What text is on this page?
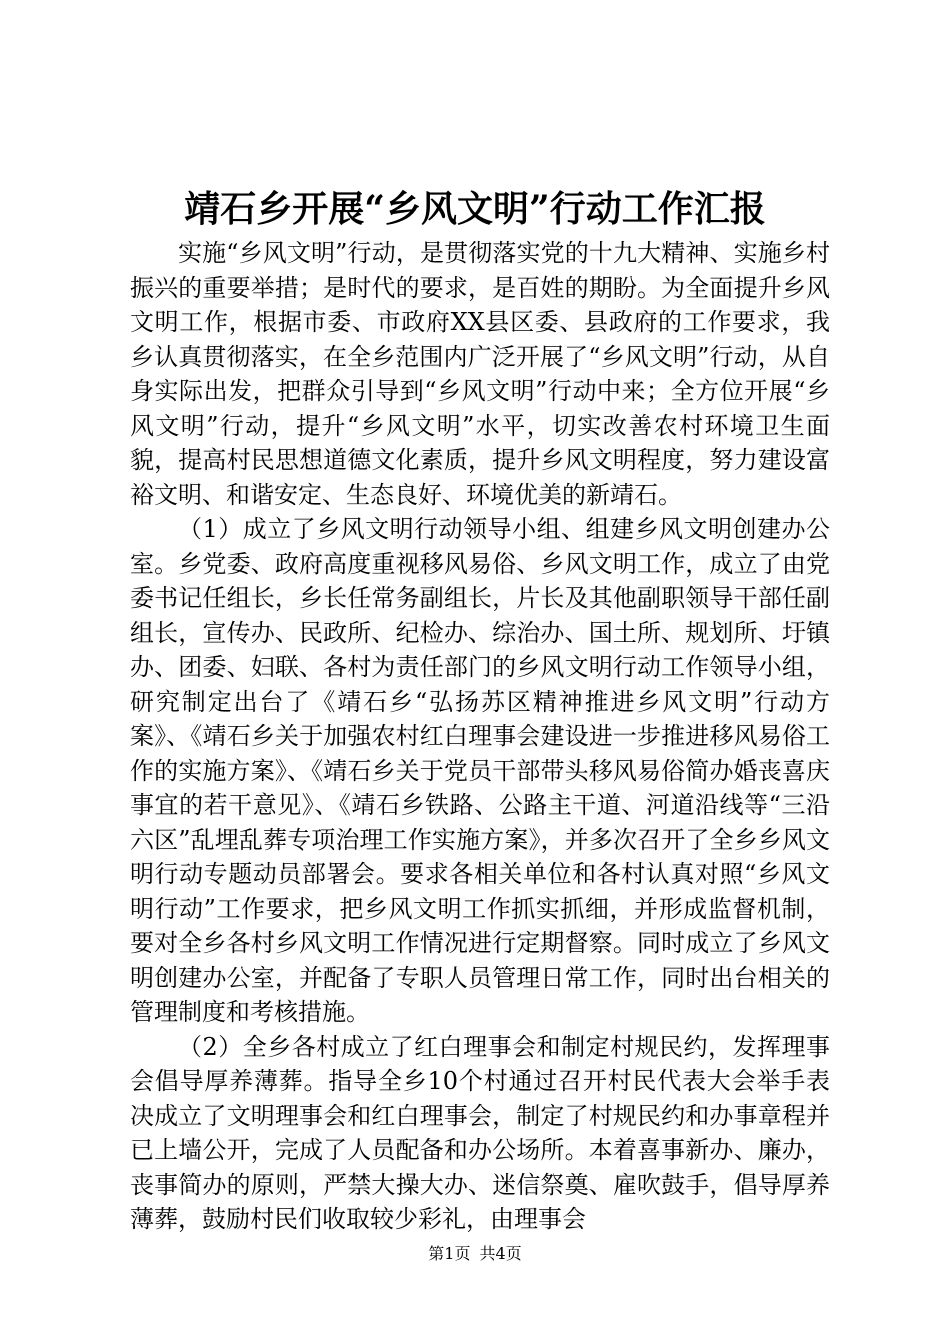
靖石乡开展“乡风文明”行动工作汇报

实施“乡风文明”行动，是贯彻落实党的十九大精神、实施乡村振兴的重要举措；是时代的要求，是百姓的期盼。为全面提升乡风文明工作，根据市委、市政府XX县区委、县政府的工作要求，我乡认真贯彻落实，在全乡范围内广泛开展了“乡风文明”行动，从自身实际出发，把群众引导到“乡风文明”行动中来；全方位开展“乡风文明”行动，提升“乡风文明”水平，切实改善农村环境卫生面貌，提高村民思想道德文化素质，提升乡风文明程度，努力建设富裕文明、和谐安定、生态良好、环境优美的新靖石。

（1）成立了乡风文明行动领导小组、组建乡风文明创建办公室。乡党委、政府高度重视移风易俗、乡风文明工作，成立了由党委书记任组长，乡长任常务副组长，片长及其他副职领导干部任副组长，宣传办、民政所、纪检办、综治办、国土所、规划所、圩镇办、团委、妇联、各村为责任部门的乡风文明行动工作领导小组，研究制定出台了《靖石乡“弘扬苏区精神推进乡风文明”行动方案》、《靖石乡关于加强农村红白理事会建设进一步推进移风易俗工作的实施方案》、《靖石乡关于党员干部带头移风易俗简办婚丧喜庆事宜的若干意见》、《靖石乡铁路、公路主干道、河道沿线等“三沿六区”乱埋乱葬专项治理工作实施方案》，并多次召开了全乡乡风文明行动专题动员部署会。要求各相关单位和各村认真对照“乡风文明行动”工作要求，把乡风文明工作抓实抓细，并形成监督机制，要对全乡各村乡风文明工作情况进行定期督察。同时成立了乡风文明创建办公室，并配备了专职人员管理日常工作，同时出台相关的管理制度和考核措施。

（2）全乡各村成立了红白理事会和制定村规民约，发挥理事会倡导厚养薄葬。指导全乡10个村通过召开村民代表大会举手表决成立了文明理事会和红白理事会，制定了村规民约和办事章程并已上墙公开，完成了人员配备和办公场所。本着喜事新办、廉办，丧事简办的原则，严禁大操大办、迷信祭奠、雇吹鼓手，倡导厚养薄葬，鼓励村民们收取较少彩礼，由理事会

第1页 共4页
